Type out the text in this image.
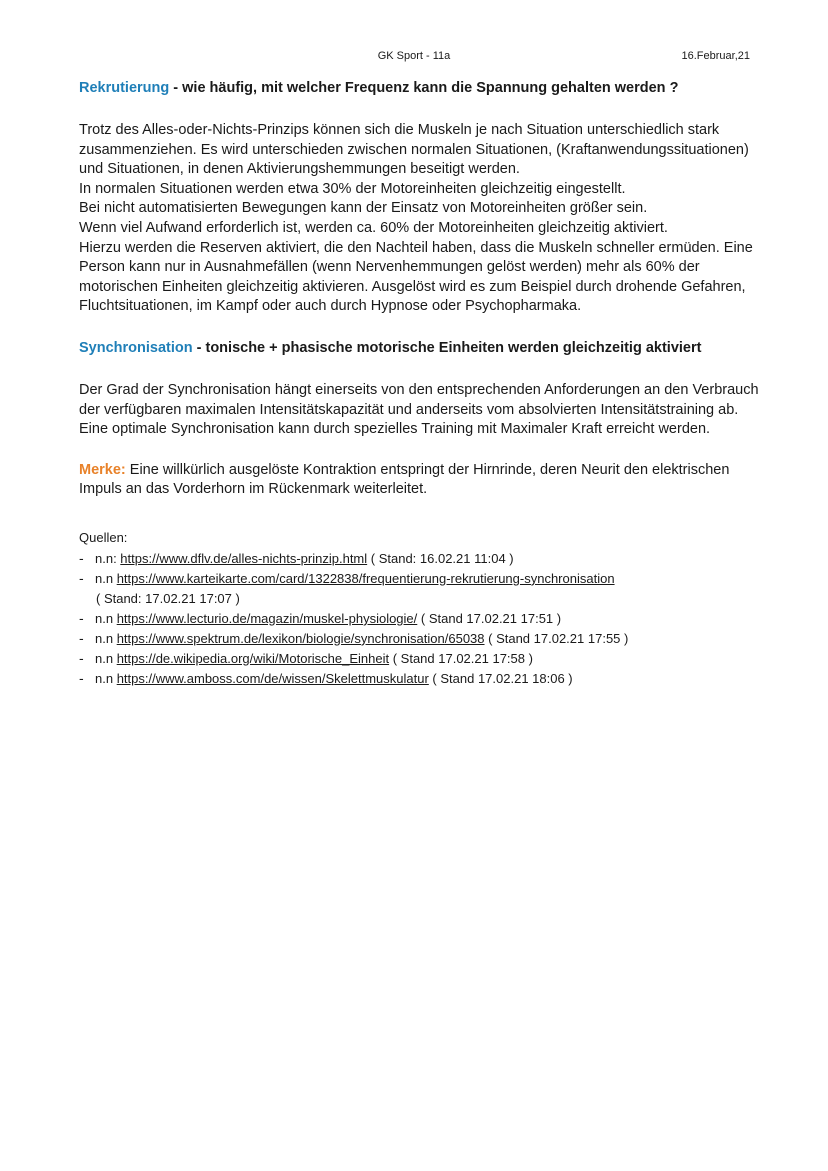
GK Sport - 11a	16.Februar,21
Rekrutierung - wie häufig, mit welcher Frequenz kann die Spannung gehalten werden ?

Trotz des Alles-oder-Nichts-Prinzips können sich die Muskeln je nach Situation unterschiedlich stark zusammenziehen. Es wird unterschieden zwischen normalen Situationen, (Kraftanwendungssituationen) und Situationen, in denen Aktivierungshemmungen beseitigt werden.

In normalen Situationen werden etwa 30% der Motoreinheiten gleichzeitig eingestellt.

Bei nicht automatisierten Bewegungen kann der Einsatz von Motoreinheiten größer sein.

Wenn viel Aufwand erforderlich ist, werden ca. 60% der Motoreinheiten gleichzeitig aktiviert.

Hierzu werden die Reserven aktiviert, die den Nachteil haben, dass die Muskeln schneller ermüden. Eine Person kann nur in Ausnahmefällen (wenn Nervenhemmungen gelöst werden) mehr als 60% der motorischen Einheiten gleichzeitig aktivieren. Ausgelöst wird es zum Beispiel durch drohende Gefahren, Fluchtsituationen, im Kampf oder auch durch Hypnose oder Psychopharmaka.

Synchronisation - tonische + phasische motorische Einheiten werden gleichzeitig aktiviert

Der Grad der Synchronisation hängt einerseits von den entsprechenden Anforderungen an den Verbrauch der verfügbaren maximalen Intensitätskapazität und anderseits vom absolvierten Intensitätstraining ab. Eine optimale Synchronisation kann durch spezielles Training mit Maximaler Kraft erreicht werden.

Merke: Eine willkürlich ausgelöste Kontraktion entspringt der Hirnrinde, deren Neurit den elektrischen Impuls an das Vorderhorn im Rückenmark weiterleitet.

Quellen:
- n.n: https://www.dflv.de/alles-nichts-prinzip.html ( Stand: 16.02.21 11:04 )
- n.n https://www.karteikarte.com/card/1322838/frequentierung-rekrutierung-synchronisation
( Stand: 17.02.21 17:07 )
- n.n https://www.lecturio.de/magazin/muskel-physiologie/ ( Stand 17.02.21 17:51 )
- n.n https://www.spektrum.de/lexikon/biologie/synchronisation/65038 ( Stand 17.02.21 17:55 )
- n.n https://de.wikipedia.org/wiki/Motorische_Einheit ( Stand 17.02.21 17:58 )
- n.n https://www.amboss.com/de/wissen/Skelettmuskulatur ( Stand 17.02.21 18:06 )
